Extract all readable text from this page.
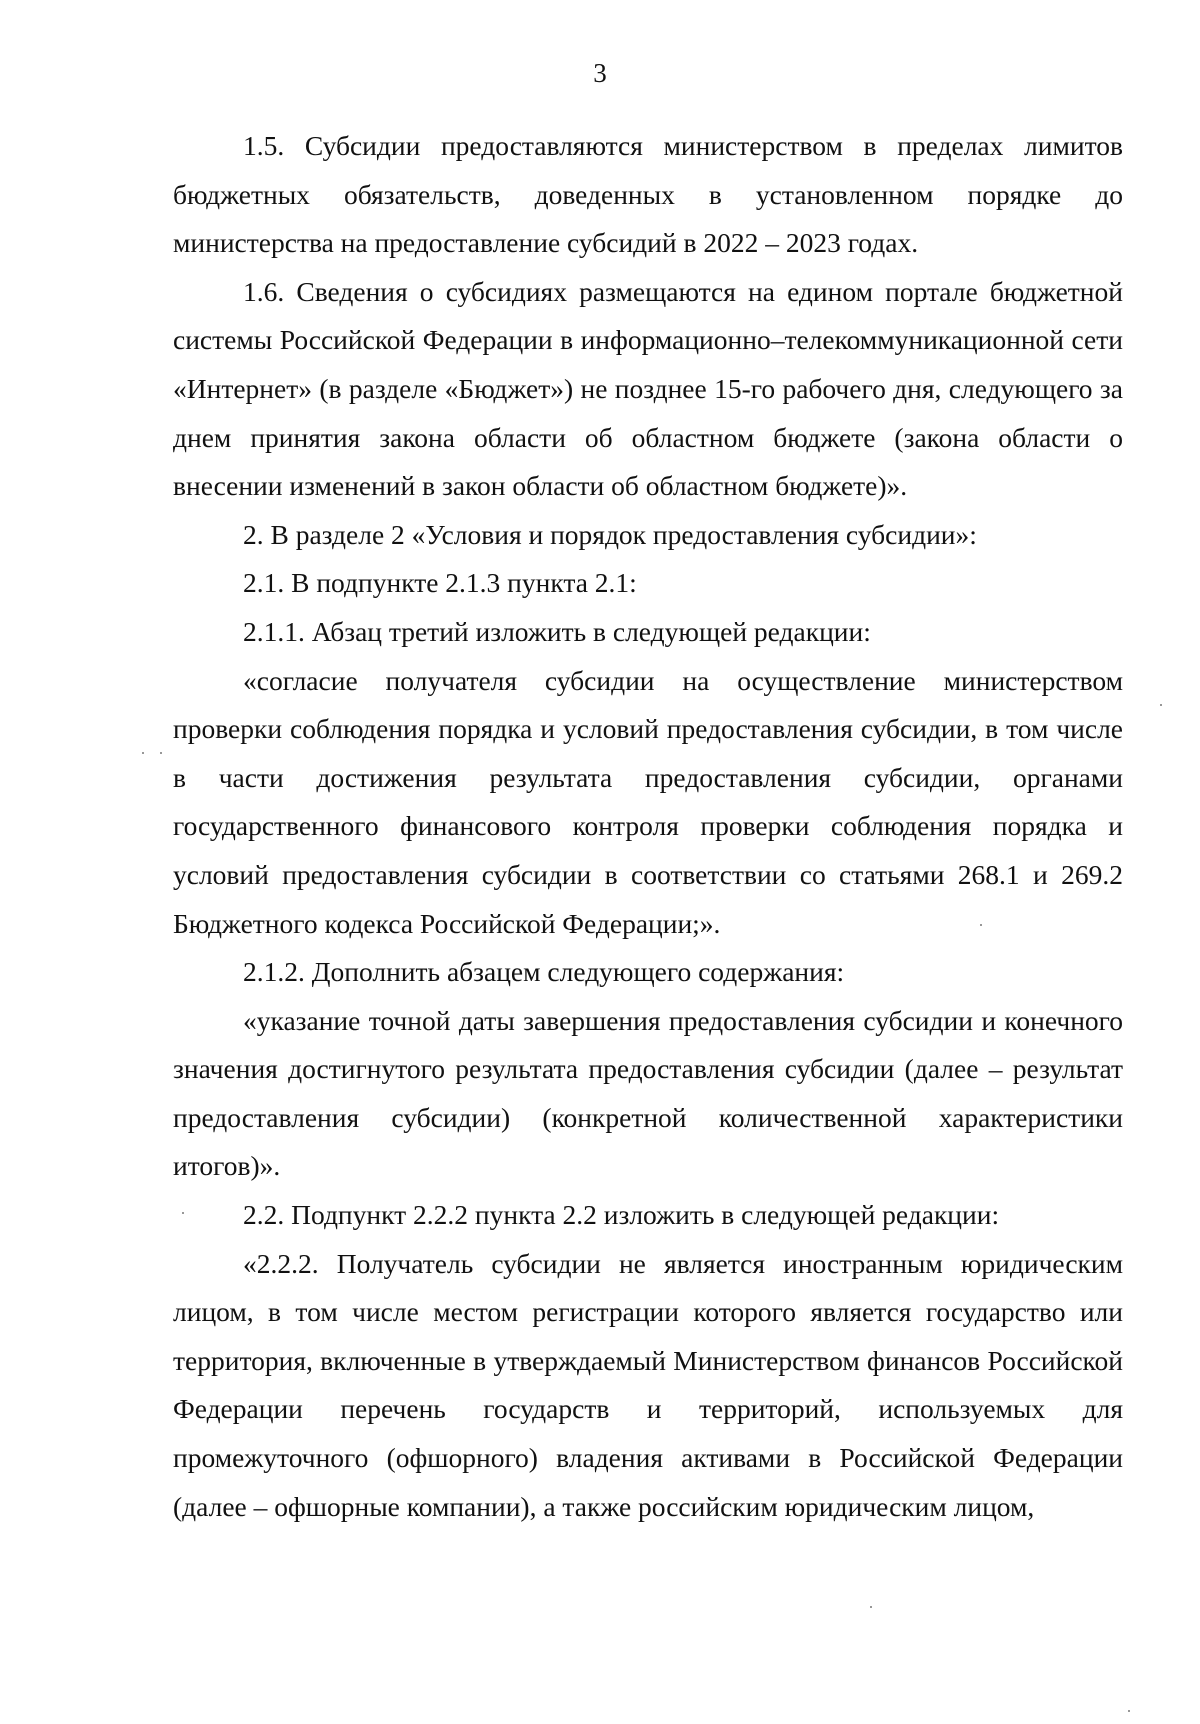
3

1.5. Субсидии предоставляются министерством в пределах лимитов бюджетных обязательств, доведенных в установленном порядке до министерства на предоставление субсидий в 2022 – 2023 годах.

1.6. Сведения о субсидиях размещаются на едином портале бюджетной системы Российской Федерации в информационно–телекоммуникационной сети «Интернет» (в разделе «Бюджет») не позднее 15-го рабочего дня, следующего за днем принятия закона области об областном бюджете (закона области о внесении изменений в закон области об областном бюджете)».

2. В разделе 2 «Условия и порядок предоставления субсидии»:

2.1. В подпункте 2.1.3 пункта 2.1:

2.1.1. Абзац третий изложить в следующей редакции:

«согласие получателя субсидии на осуществление министерством проверки соблюдения порядка и условий предоставления субсидии, в том числе в части достижения результата предоставления субсидии, органами государственного финансового контроля проверки соблюдения порядка и условий предоставления субсидии в соответствии со статьями 268.1 и 269.2 Бюджетного кодекса Российской Федерации;».

2.1.2. Дополнить абзацем следующего содержания:

«указание точной даты завершения предоставления субсидии и конечного значения достигнутого результата предоставления субсидии (далее – результат предоставления субсидии) (конкретной количественной характеристики итогов)».

2.2. Подпункт 2.2.2 пункта 2.2 изложить в следующей редакции:

«2.2.2. Получатель субсидии не является иностранным юридическим лицом, в том числе местом регистрации которого является государство или территория, включенные в утверждаемый Министерством финансов Российской Федерации перечень государств и территорий, используемых для промежуточного (офшорного) владения активами в Российской Федерации (далее – офшорные компании), а также российским юридическим лицом,
